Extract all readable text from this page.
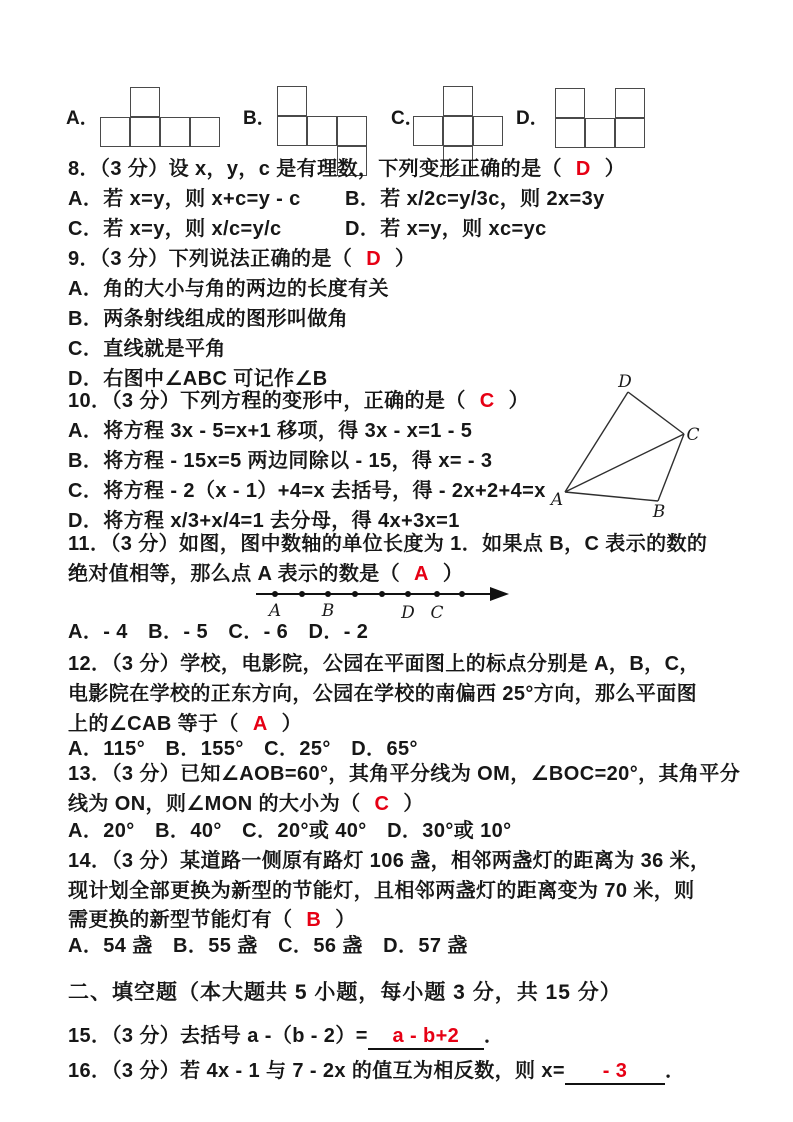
A．	B．	C．	D．
8．（3 分）设 x，y，c 是有理数，下列变形正确的是（ D ）
A．若 x=y，则 x+c=y - c B．若 x/2c=y/3c，则 2x=3y
C．若 x=y，则 x/c=y/c	D．若 x=y，则 xc=yc
9．（3 分）下列说法正确的是（ D ）
A．角的大小与角的两边的长度有关
B．两条射线组成的图形叫做角
C．直线就是平角
D．右图中∠ABC 可记作∠B
10．（3 分）下列方程的变形中，正确的是（ C ）
A．将方程 3x - 5=x+1 移项，得 3x - x=1 - 5
B．将方程 - 15x=5 两边同除以 - 15，得 x= - 3
C．将方程 - 2（x - 1）+4=x 去括号，得 - 2x+2+4=x
D．将方程 x/3+x/4=1 去分母，得 4x+3x=1
D
C
A
B
11．（3 分）如图，图中数轴的单位长度为 1．如果点 B，C 表示的数的
绝对值相等，那么点 A 表示的数是（ A ）
A B	D C
A．- 4　B．- 5　C．- 6　D．- 2
12．（3 分）学校，电影院，公园在平面图上的标点分别是 A，B，C，
电影院在学校的正东方向，公园在学校的南偏西 25°方向，那么平面图
上的∠CAB 等于（ A ）
A．115°　B．155°　C．25°　D．65°
13．（3 分）已知∠AOB=60°，其角平分线为 OM，∠BOC=20°，其角平分
线为 ON，则∠MON 的大小为（ C ）
A．20°　B．40°　C．20°或 40°　D．30°或 10°
14．（3 分）某道路一侧原有路灯 106 盏，相邻两盏灯的距离为 36 米，
现计划全部更换为新型的节能灯，且相邻两盏灯的距离变为 70 米，则
需更换的新型节能灯有（ B ）
A．54 盏　B．55 盏　C．56 盏　D．57 盏
二、填空题（本大题共 5 小题，每小题 3 分，共 15 分）
15．（3 分）去括号 a -（b - 2）= a - b+2 ．
16．（3 分）若 4x - 1 与 7 - 2x 的值互为相反数，则 x= - 3 ．
